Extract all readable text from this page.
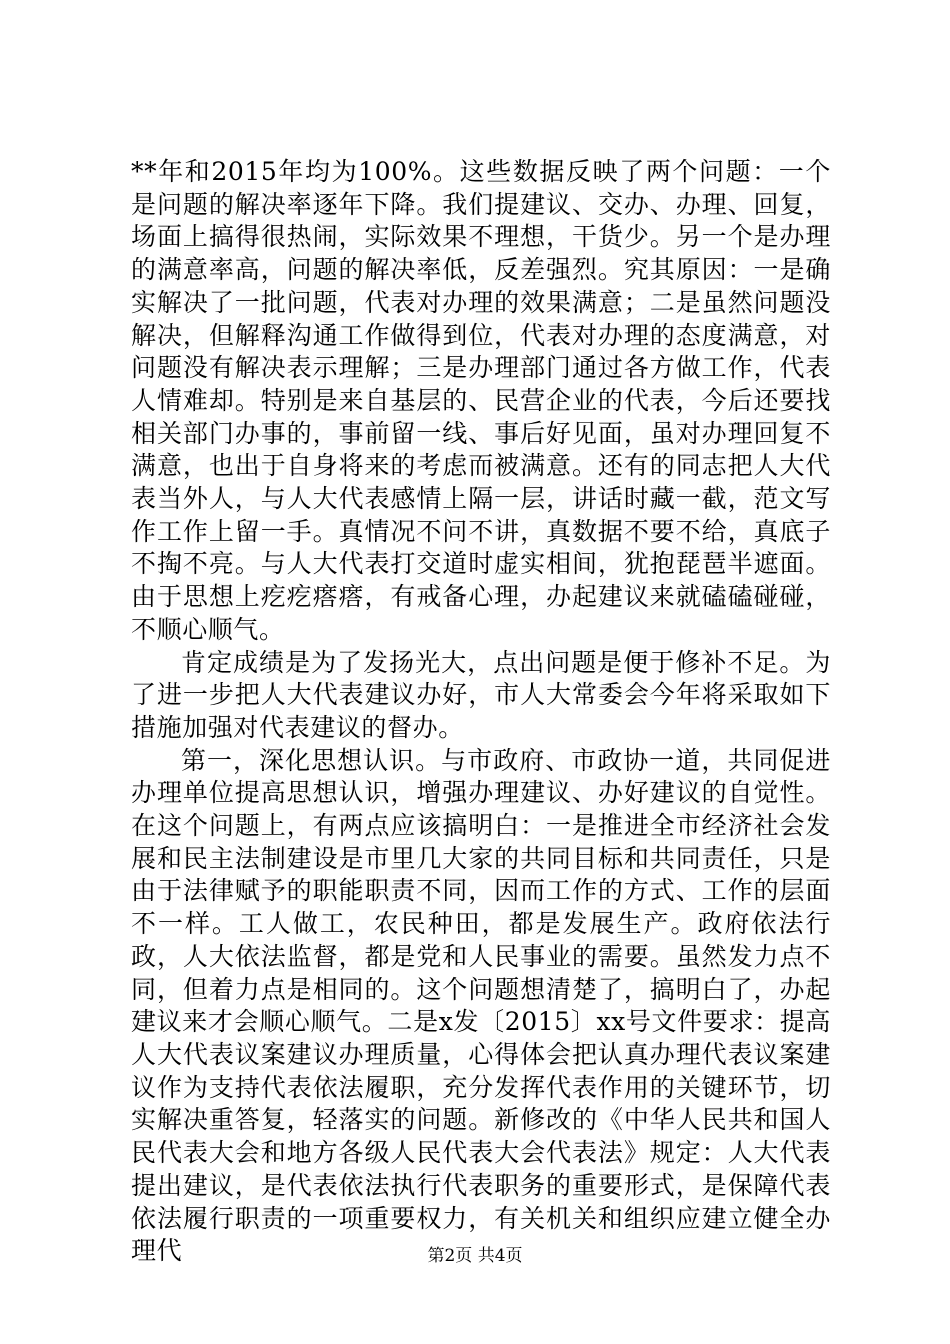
**年和2015年均为100%。这些数据反映了两个问题：一个是问题的解决率逐年下降。我们提建议、交办、办理、回复，场面上搞得很热闹，实际效果不理想，干货少。另一个是办理的满意率高，问题的解决率低，反差强烈。究其原因：一是确实解决了一批问题，代表对办理的效果满意；二是虽然问题没解决，但解释沟通工作做得到位，代表对办理的态度满意，对问题没有解决表示理解；三是办理部门通过各方做工作，代表人情难却。特别是来自基层的、民营企业的代表，今后还要找相关部门办事的，事前留一线、事后好见面，虽对办理回复不满意，也出于自身将来的考虑而被满意。还有的同志把人大代表当外人，与人大代表感情上隔一层，讲话时藏一截，范文写作工作上留一手。真情况不问不讲，真数据不要不给，真底子不掏不亮。与人大代表打交道时虚实相间，犹抱琵琶半遮面。由于思想上疙疙瘩瘩，有戒备心理，办起建议来就磕磕碰碰，不顺心顺气。

肯定成绩是为了发扬光大，点出问题是便于修补不足。为了进一步把人大代表建议办好，市人大常委会今年将采取如下措施加强对代表建议的督办。

第一，深化思想认识。与市政府、市政协一道，共同促进办理单位提高思想认识，增强办理建议、办好建议的自觉性。在这个问题上，有两点应该搞明白：一是推进全市经济社会发展和民主法制建设是市里几大家的共同目标和共同责任，只是由于法律赋予的职能职责不同，因而工作的方式、工作的层面不一样。工人做工，农民种田，都是发展生产。政府依法行政，人大依法监督，都是党和人民事业的需要。虽然发力点不同，但着力点是相同的。这个问题想清楚了，搞明白了，办起建议来才会顺心顺气。二是x发〔2015〕xx号文件要求：提高人大代表议案建议办理质量，心得体会把认真办理代表议案建议作为支持代表依法履职，充分发挥代表作用的关键环节，切实解决重答复，轻落实的问题。新修改的《中华人民共和国人民代表大会和地方各级人民代表大会代表法》规定：人大代表提出建议，是代表依法执行代表职务的重要形式，是保障代表依法履行职责的一项重要权力，有关机关和组织应建立健全办理代	第2页 共4页
